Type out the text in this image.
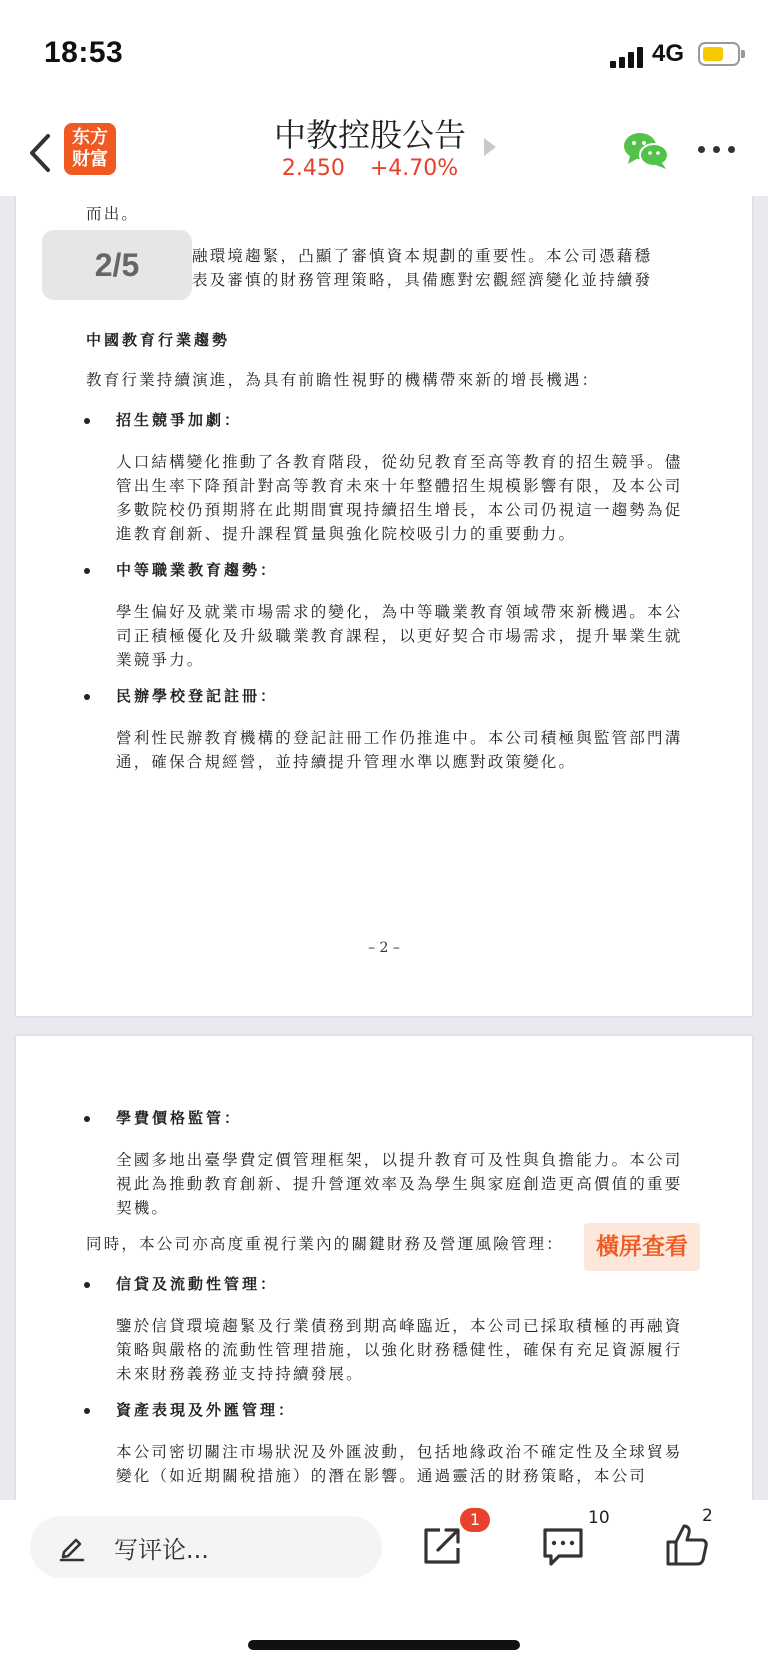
18:53	4G
东方
财富
中教控股公告
2.450 +4.70%
而出。
融環境趨緊，凸顯了審慎資本規劃的重要性。本公司憑藉穩
表及審慎的財務管理策略，具備應對宏觀經濟變化並持續發
中國教育行業趨勢
教育行業持續演進，為具有前瞻性視野的機構帶來新的增長機遇：
招生競爭加劇：
人口結構變化推動了各教育階段，從幼兒教育至高等教育的招生競爭。儘管出生率下降預計對高等教育未來十年整體招生規模影響有限，及本公司多數院校仍預期將在此期間實現持續招生增長，本公司仍視這一趨勢為促進教育創新、提升課程質量與強化院校吸引力的重要動力。
中等職業教育趨勢：
學生偏好及就業市場需求的變化，為中等職業教育領域帶來新機遇。本公司正積極優化及升級職業教育課程，以更好契合市場需求，提升畢業生就業競爭力。
民辦學校登記註冊：
營利性民辦教育機構的登記註冊工作仍推進中。本公司積極與監管部門溝通，確保合規經營，並持續提升管理水準以應對政策變化。
– 2 –
學費價格監管：
全國多地出臺學費定價管理框架，以提升教育可及性與負擔能力。本公司視此為推動教育創新、提升營運效率及為學生與家庭創造更高價值的重要契機。
同時，本公司亦高度重視行業內的關鍵財務及營運風險管理：
信貸及流動性管理：
鑒於信貸環境趨緊及行業債務到期高峰臨近，本公司已採取積極的再融資策略與嚴格的流動性管理措施，以強化財務穩健性，確保有充足資源履行未來財務義務並支持持續發展。
資產表現及外匯管理：
本公司密切關注市場狀況及外匯波動，包括地緣政治不確定性及全球貿易變化（如近期關稅措施）的潛在影響。通過靈活的財務策略，本公司
2/5
橫屏查看
写评论...
1	10	2
